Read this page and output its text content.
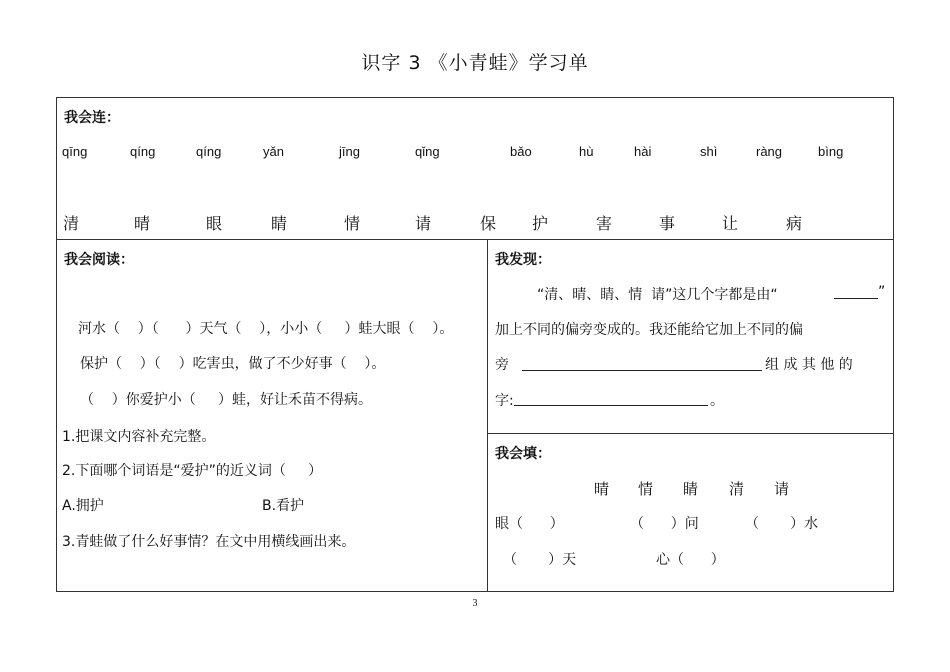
识字 3 《小青蛙》学习单
我会连：
qīng	qíng	qíng	yǎn	jīng	qǐng	bǎo	hù	hài	shì	ràng	bìng
清	晴	眼	睛	情	请	保 护	害	事	让	病
我会阅读：
河水（    ）（      ）天气（    ），小小（     ）蛙大眼（    ）。
保护（    ）（    ）吃害虫，做了不少好事（    ）。
（    ）你爱护小（     ）蛙，好让禾苗不得病。
1.把课文内容补充完整。
2.下面哪个词语是“爱护”的近义词（     ）
A.拥护	B.看护
3.青蛙做了什么好事情？在文中用横线画出来。
我发现：
“清、晴、睛、情  请”这几个字都是由“	”
加上不同的偏旁变成的。我还能给它加上不同的偏
旁	组 成 其 他 的
字:	。
我会填：
晴 情 睛 清 请
眼（      ）	（      ）问	（       ）水
（       ）天	心（      ）
3
